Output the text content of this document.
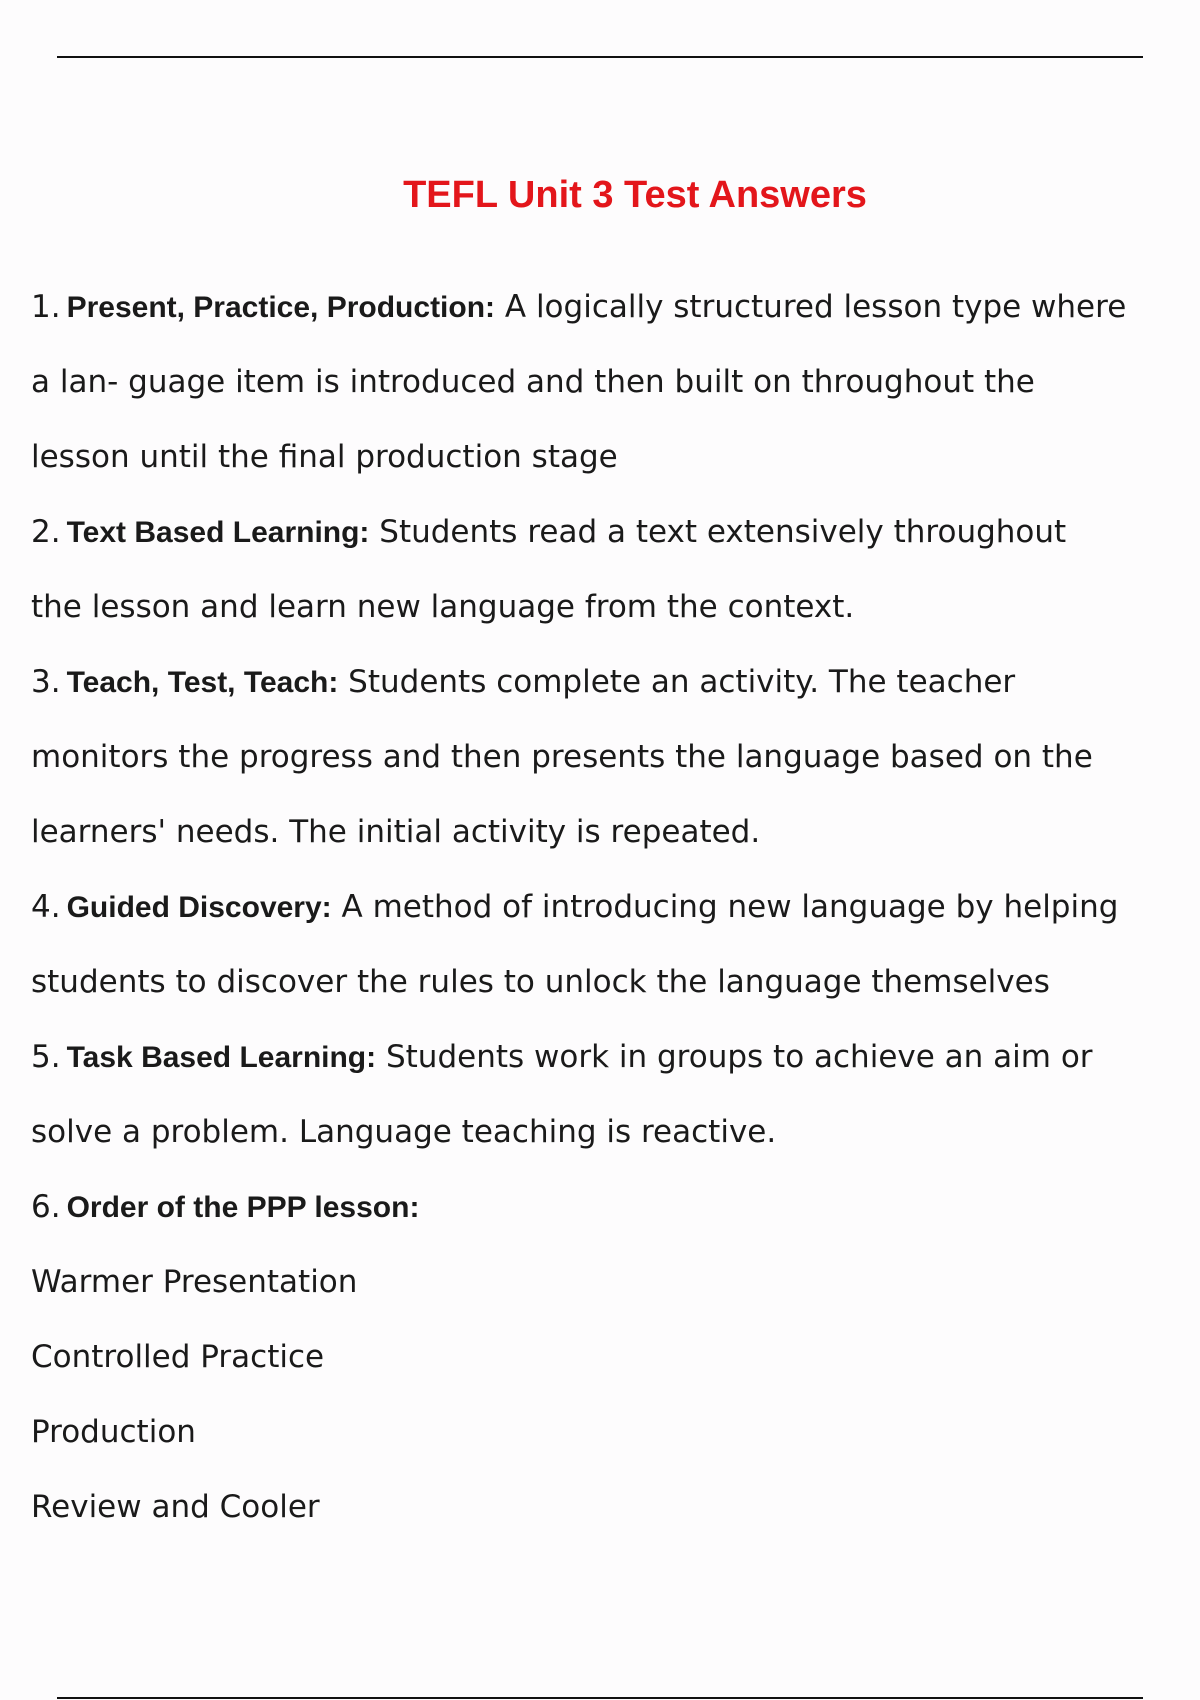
TEFL Unit 3 Test Answers
1. Present, Practice, Production: A logically structured lesson type where
a lan- guage item is introduced and then built on throughout the
lesson until the final production stage
2. Text Based Learning: Students read a text extensively throughout
the lesson and learn new language from the context.
3. Teach, Test, Teach: Students complete an activity. The teacher
monitors the progress and then presents the language based on the
learners' needs. The initial activity is repeated.
4. Guided Discovery: A method of introducing new language by helping
students to discover the rules to unlock the language themselves
5. Task Based Learning: Students work in groups to achieve an aim or
solve a problem. Language teaching is reactive.
6. Order of the PPP lesson:
Warmer Presentation
Controlled Practice
Production
Review and Cooler
